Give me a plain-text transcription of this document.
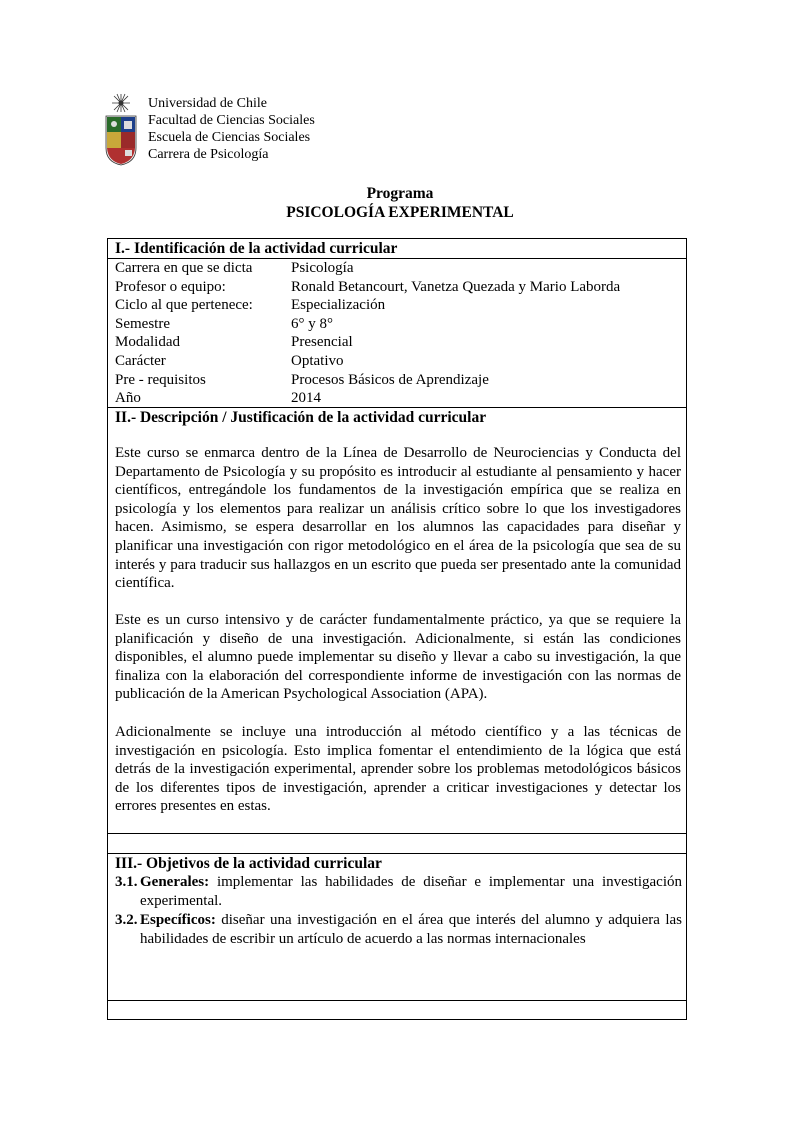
Universidad de Chile
Facultad de Ciencias Sociales
Escuela de Ciencias Sociales
Carrera de Psicología
Programa
PSICOLOGÍA EXPERIMENTAL
I.- Identificación de la actividad curricular
Carrera en que se dicta	Psicología
Profesor o equipo:	Ronald Betancourt, Vanetza Quezada y Mario Laborda
Ciclo al que pertenece:	Especialización
Semestre	6° y 8°
Modalidad	Presencial
Carácter	Optativo
Pre - requisitos	Procesos Básicos de Aprendizaje
Año	2014
II.- Descripción / Justificación de la actividad curricular
Este curso se enmarca dentro de la Línea de Desarrollo de Neurociencias y Conducta del Departamento de Psicología y su propósito es introducir al estudiante al pensamiento y hacer científicos, entregándole los fundamentos de la investigación empírica que se realiza en psicología y los elementos para realizar un análisis crítico sobre lo que los investigadores hacen. Asimismo, se espera desarrollar en los alumnos las capacidades para diseñar y planificar una investigación con rigor metodológico en el área de la psicología que sea de su interés y para traducir sus hallazgos en un escrito que pueda ser presentado ante la comunidad científica.
Este es un curso intensivo y de carácter fundamentalmente práctico, ya que se requiere la planificación y diseño de una investigación. Adicionalmente, si están las condiciones disponibles, el alumno puede implementar su diseño y llevar a cabo su investigación, la que finaliza con la elaboración del correspondiente informe de investigación con las normas de publicación de la American Psychological Association (APA).
Adicionalmente se incluye una introducción al método científico y a las técnicas de investigación en psicología. Esto implica fomentar el entendimiento de la lógica que está detrás de la investigación experimental, aprender sobre los problemas metodológicos básicos de los diferentes tipos de investigación, aprender a criticar investigaciones y detectar los errores presentes en estas.
III.- Objetivos de la actividad curricular
3.1. Generales: implementar las habilidades de diseñar e implementar una investigación experimental.
3.2. Específicos: diseñar una investigación en el área que interés del alumno y adquiera las habilidades de escribir un artículo de acuerdo a las normas internacionales
